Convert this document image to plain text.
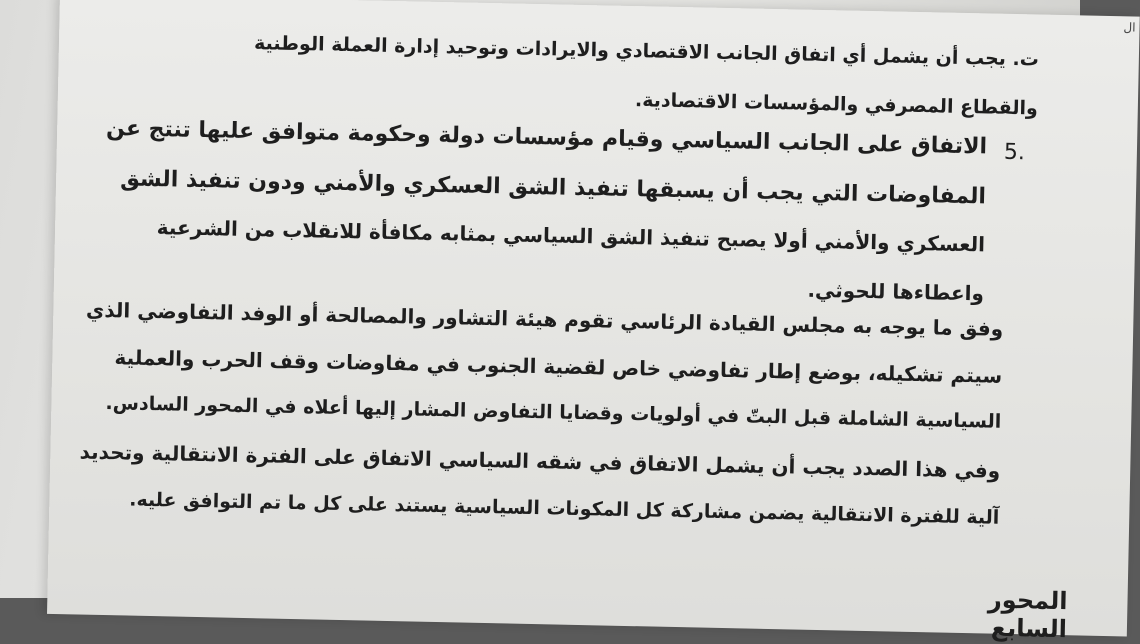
ال
ت. يجب أن يشمل أي اتفاق الجانب الاقتصادي والايرادات وتوحيد إدارة العملة الوطنية
والقطاع المصرفي والمؤسسات الاقتصادية.
5.
الاتفاق على الجانب السياسي وقيام مؤسسات دولة وحكومة متوافق عليها تنتج عن
المفاوضات التي يجب أن يسبقها تنفيذ الشق العسكري والأمني ودون تنفيذ الشق
العسكري والأمني أولا يصبح تنفيذ الشق السياسي بمثابه مكافأة للانقلاب من الشرعية
واعطاءها للحوثي.
وفق ما يوجه به مجلس القيادة الرئاسي تقوم هيئة التشاور والمصالحة أو الوفد التفاوضي الذي
سيتم تشكيله، بوضع إطار تفاوضي خاص لقضية الجنوب في مفاوضات وقف الحرب والعملية
السياسية الشاملة قبل البتّ في أولويات وقضايا التفاوض المشار إليها أعلاه في المحور السادس.
وفي هذا الصدد يجب أن يشمل الاتفاق في شقه السياسي الاتفاق على الفترة الانتقالية وتحديد
آلية للفترة الانتقالية يضمن مشاركة كل المكونات السياسية يستند على كل ما تم التوافق عليه.
المحور السابع
